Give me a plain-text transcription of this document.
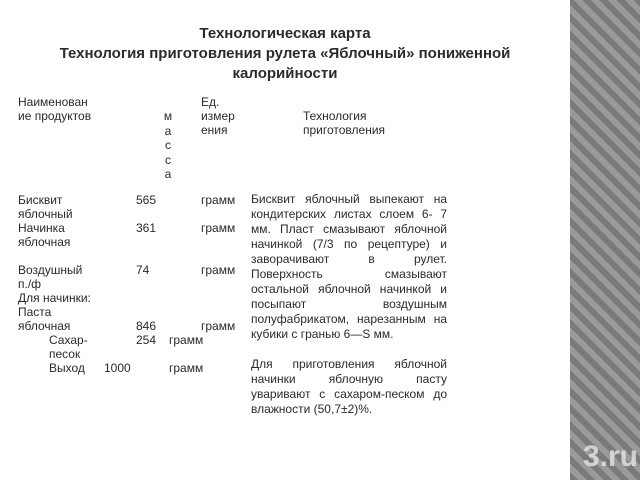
Технологическая карта
Технология приготовления рулета «Яблочный» пониженной
калорийности
Наименован
ие продуктов	м
а
с
с
а
Ед.
измер
ения
Технология
приготовления
Бисквит
яблочный
565	грамм
Начинка
яблочная
361	грамм
Воздушный
п./ф
74	грамм
Для начинки:
Паста
яблочная	846	грамм
Сахар-
песок
254 грамм
Выход 1000	грамм

Бисквит яблочный выпекают на кондитерских листах слоем 6- 7 мм. Пласт смазывают яблочной начинкой (7/3 по рецептуре) и заворачивают в рулет. Поверхность смазывают остальной яблочной начинкой и посыпают воздушным полуфабрикатом, нарезанным на кубики с гранью 6—S мм.

Для приготовления яблочной начинки яблочную пасту уваривают с сахаром-песком до влажности (50,7±2)%.

3.ru
